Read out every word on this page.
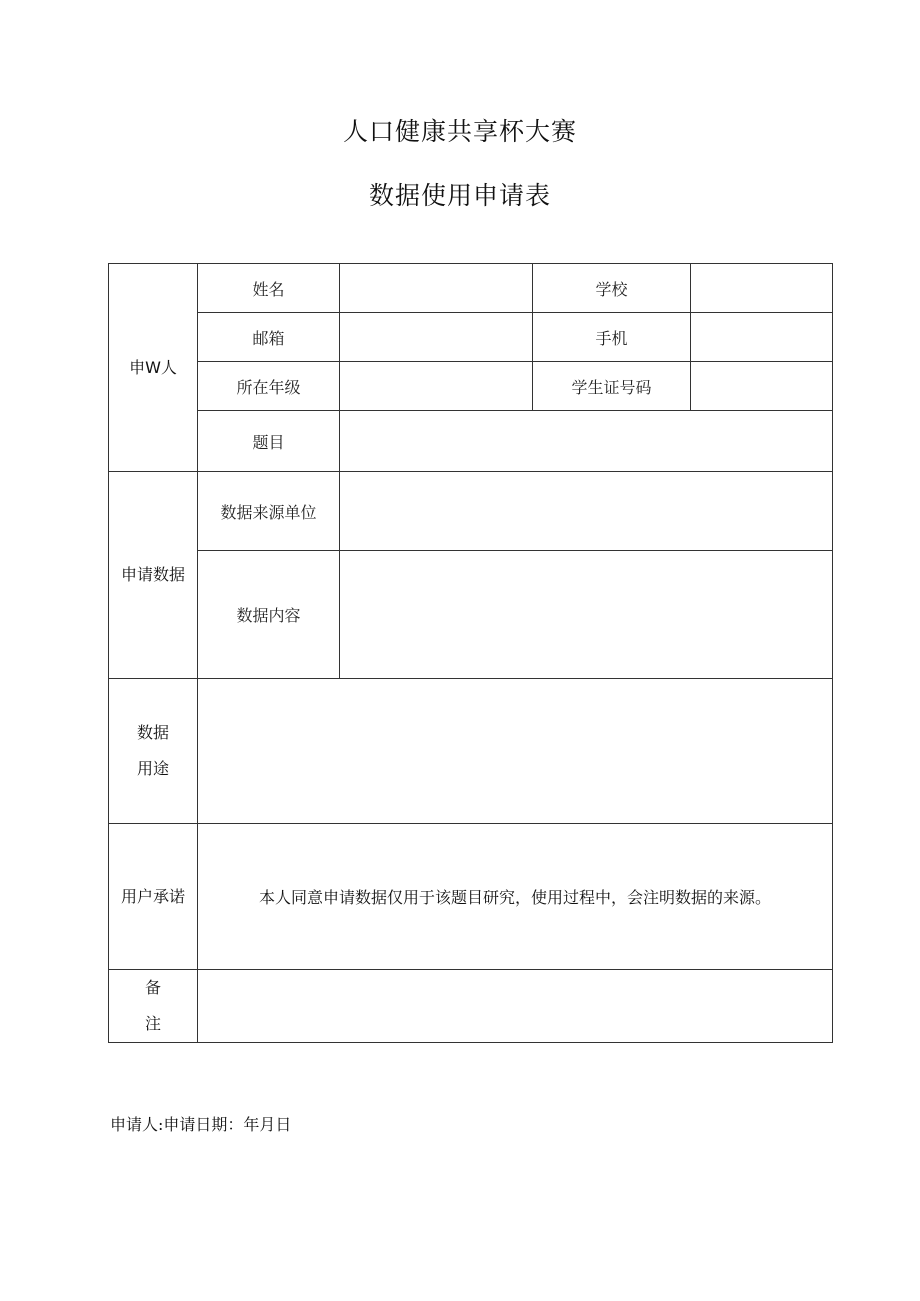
人口健康共享杯大赛
数据使用申请表
申W人	姓名		学校	
	邮箱		手机	
	所在年级		学生证号码	
	题目			
申请数据	数据来源单位			
	数据内容			
数据
用途				
用户承诺	本人同意申请数据仅用于该题目研究，使用过程中，会注明数据的来源。			
备
注				
申请人:申请日期：年月日
